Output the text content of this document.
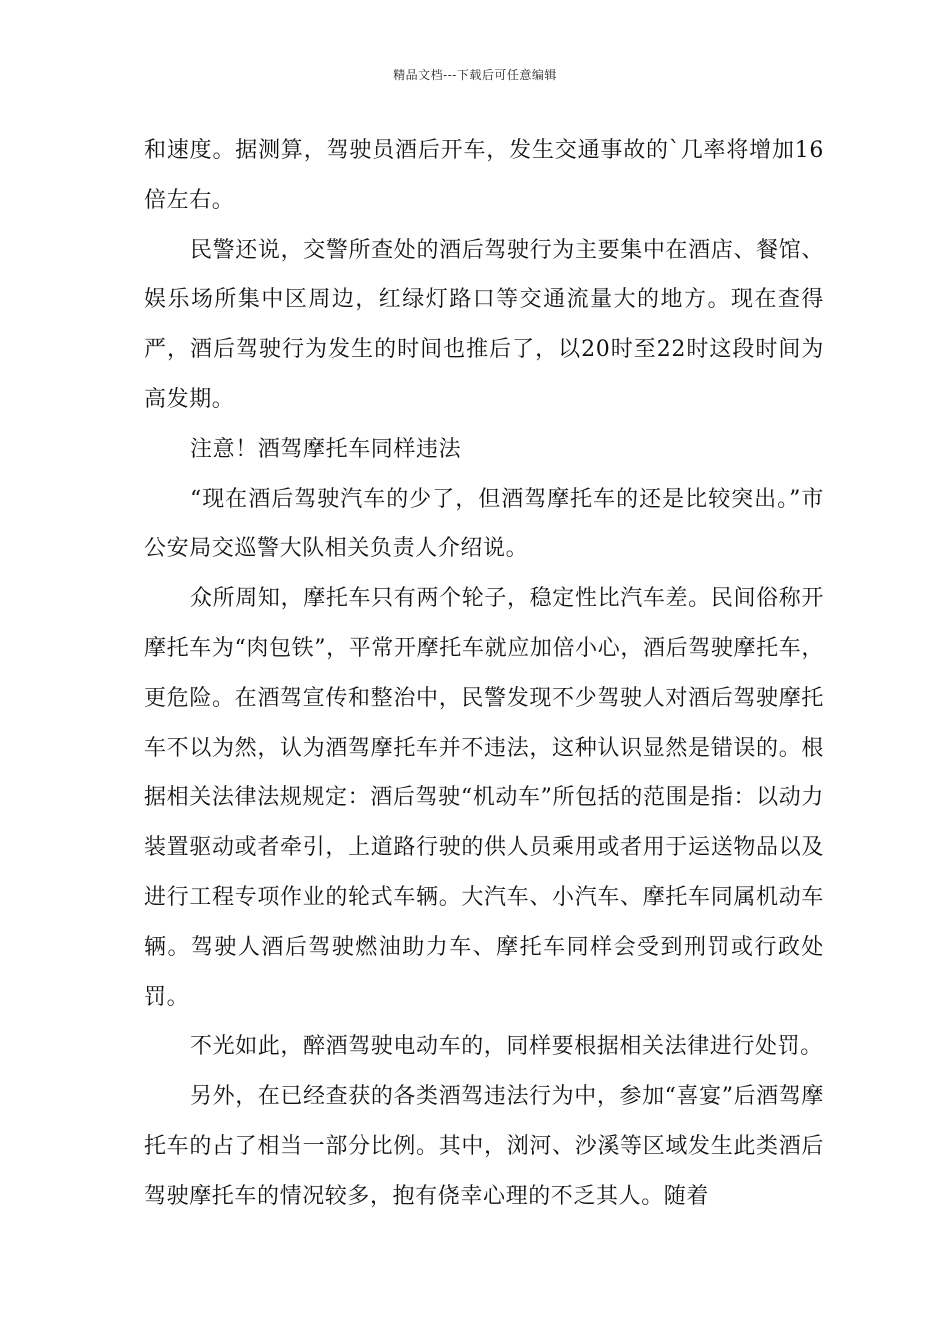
精品文档---下载后可任意编辑

和速度。据测算，驾驶员酒后开车，发生交通事故的`几率将增加16倍左右。

民警还说，交警所查处的酒后驾驶行为主要集中在酒店、餐馆、娱乐场所集中区周边，红绿灯路口等交通流量大的地方。现在查得严，酒后驾驶行为发生的时间也推后了，以20时至22时这段时间为高发期。

注意！酒驾摩托车同样违法

“现在酒后驾驶汽车的少了，但酒驾摩托车的还是比较突出。”市公安局交巡警大队相关负责人介绍说。

众所周知，摩托车只有两个轮子，稳定性比汽车差。民间俗称开摩托车为“肉包铁”，平常开摩托车就应加倍小心，酒后驾驶摩托车，更危险。在酒驾宣传和整治中，民警发现不少驾驶人对酒后驾驶摩托车不以为然，认为酒驾摩托车并不违法，这种认识显然是错误的。根据相关法律法规规定：酒后驾驶“机动车”所包括的范围是指：以动力装置驱动或者牵引，上道路行驶的供人员乘用或者用于运送物品以及进行工程专项作业的轮式车辆。大汽车、小汽车、摩托车同属机动车辆。驾驶人酒后驾驶燃油助力车、摩托车同样会受到刑罚或行政处罚。

不光如此，醉酒驾驶电动车的，同样要根据相关法律进行处罚。

另外，在已经查获的各类酒驾违法行为中，参加“喜宴”后酒驾摩托车的占了相当一部分比例。其中，浏河、沙溪等区域发生此类酒后驾驶摩托车的情况较多，抱有侥幸心理的不乏其人。随着
